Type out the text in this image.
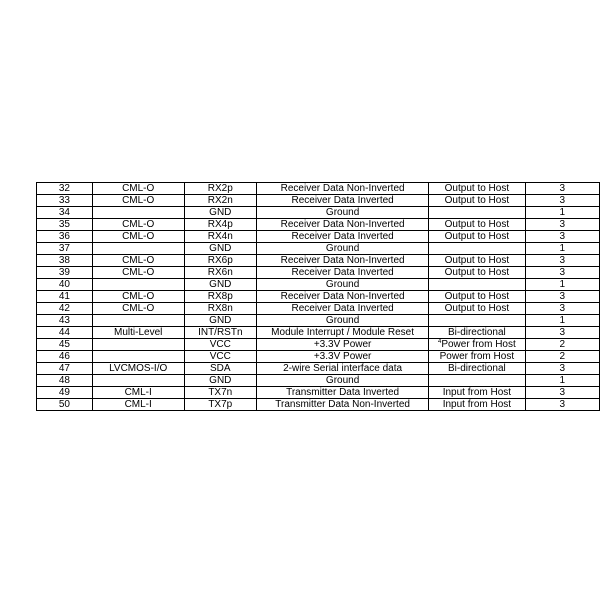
32	CML-O	RX2p	Receiver Data Non-Inverted	Output to Host	3
33	CML-O	RX2n	Receiver Data Inverted	Output to Host	3
34		GND	Ground		1
35	CML-O	RX4p	Receiver Data Non-Inverted	Output to Host	3
36	CML-O	RX4n	Receiver Data Inverted	Output to Host	3
37		GND	Ground		1
38	CML-O	RX6p	Receiver Data Non-Inverted	Output to Host	3
39	CML-O	RX6n	Receiver Data Inverted	Output to Host	3
40		GND	Ground		1
41	CML-O	RX8p	Receiver Data Non-Inverted	Output to Host	3
42	CML-O	RX8n	Receiver Data Inverted	Output to Host	3
43		GND	Ground		1
44	Multi-Level	INT/RSTn	Module Interrupt / Module Reset	Bi-directional	3
45		VCC	+3.3V Power	$^4$Power from Host	2
46		VCC	+3.3V Power	Power from Host	2
47	LVCMOS-I/O	SDA	2-wire Serial interface data	Bi-directional	3
48		GND	Ground		1
49	CML-I	TX7n	Transmitter Data Inverted	Input from Host	3
50	CML-I	TX7p	Transmitter Data Non-Inverted	Input from Host	3
